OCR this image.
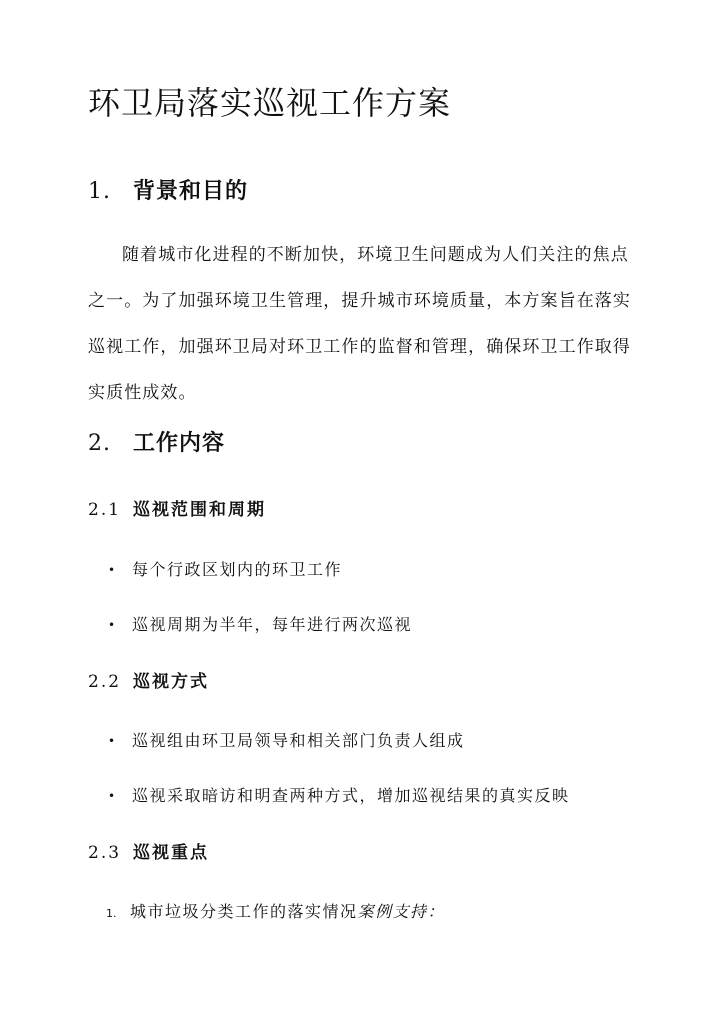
环卫局落实巡视工作方案
1. 背景和目的

随着城市化进程的不断加快，环境卫生问题成为人们关注的焦点之一。为了加强环境卫生管理，提升城市环境质量，本方案旨在落实巡视工作，加强环卫局对环卫工作的监督和管理，确保环卫工作取得实质性成效。

2. 工作内容
2.1 巡视范围和周期

• 每个行政区划内的环卫工作

• 巡视周期为半年，每年进行两次巡视

2.2 巡视方式

• 巡视组由环卫局领导和相关部门负责人组成

• 巡视采取暗访和明查两种方式，增加巡视结果的真实反映

2.3 巡视重点

1. 城市垃圾分类工作的落实情况案例支持：
